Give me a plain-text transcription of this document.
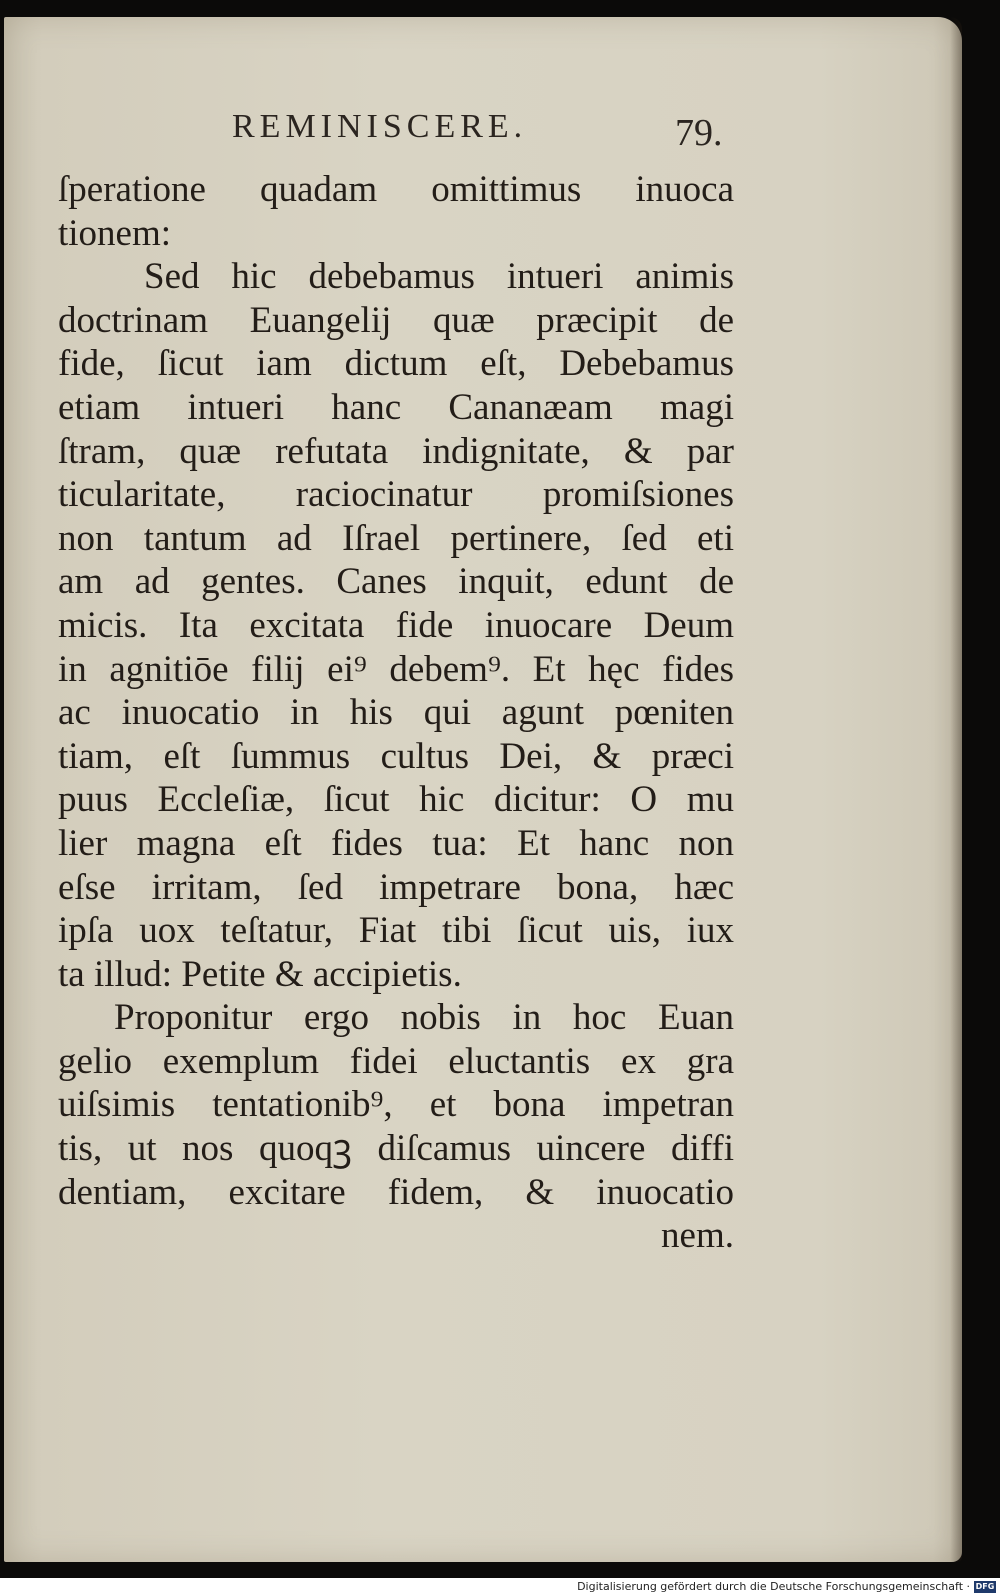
REMINISCERE.	79.
ſperatione quadam omittimus inuoca
tionem:
Sed hic debebamus intueri animis
doctrinam Euangelij quæ præcipit de
fide, ſicut iam dictum eſt, Debebamus
etiam intueri hanc Cananæam magi
ſtram, quæ refutata indignitate, & par
ticularitate, raciocinatur promiſsiones
non tantum ad Iſrael pertinere, ſed eti
am ad gentes. Canes inquit, edunt de
micis. Ita excitata fide inuocare Deum
in agnitiōe filij ei⁹ debem⁹. Et hęc fides
ac inuocatio in his qui agunt pœniten
tiam, eſt ſummus cultus Dei, & præci
puus Eccleſiæ, ſicut hic dicitur: O mu
lier magna eſt fides tua: Et hanc non
eſse irritam, ſed impetrare bona, hæc
ipſa uox teſtatur, Fiat tibi ſicut uis, iux
ta illud: Petite & accipietis.
Proponitur ergo nobis in hoc Euan
gelio exemplum fidei eluctantis ex gra
uiſsimis tentationib⁹, et bona impetran
tis, ut nos quoqꝫ diſcamus uincere diffi
dentiam, excitare fidem, & inuocatio
nem.
Digitalisierung gefördert durch die Deutsche Forschungsgemeinschaft · DFG
